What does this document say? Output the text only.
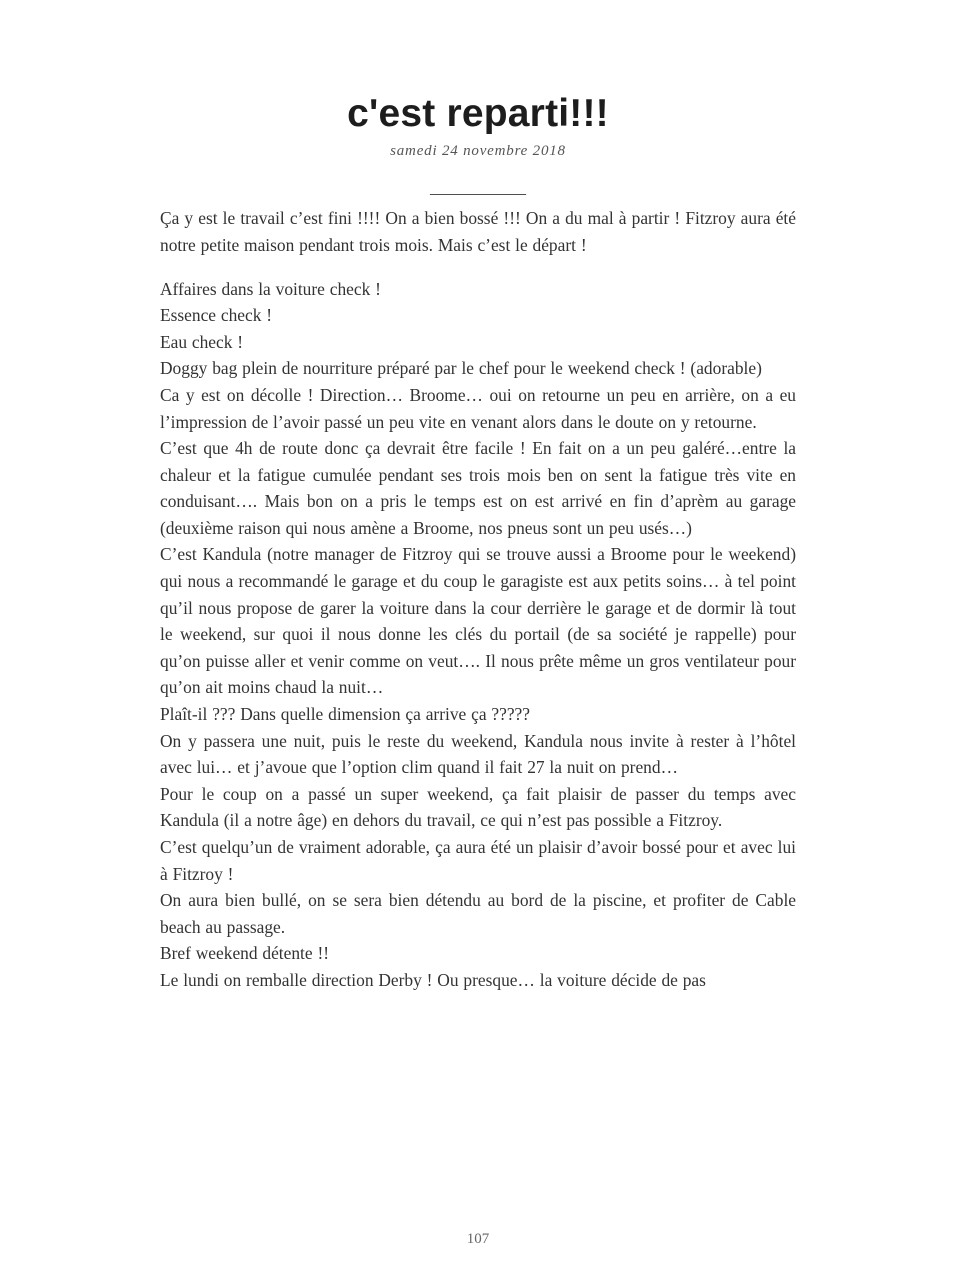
c'est reparti!!!
samedi 24 novembre 2018
____________

Ça y est le travail c’est fini !!!! On a bien bossé !!! On a du mal à partir ! Fitzroy aura été notre petite maison pendant trois mois. Mais c’est le départ !

Affaires dans la voiture check !

Essence check !

Eau check !

Doggy bag plein de nourriture préparé par le chef pour le weekend check ! (adorable)

Ca y est on décolle ! Direction… Broome… oui on retourne un peu en arrière, on a eu l’impression de l’avoir passé un peu vite en venant alors dans le doute on y retourne.

C’est que 4h de route donc ça devrait être facile ! En fait on a un peu galéré…entre la chaleur et la fatigue cumulée pendant ses trois mois ben on sent la fatigue très vite en conduisant…. Mais bon on a pris le temps est on est arrivé en fin d’aprèm au garage (deuxième raison qui nous amène a Broome, nos pneus sont un peu usés…)

C’est Kandula (notre manager de Fitzroy qui se trouve aussi a Broome pour le weekend) qui nous a recommandé le garage et du coup le garagiste est aux petits soins… à tel point qu’il nous propose de garer la voiture dans la cour derrière le garage et de dormir là tout le weekend, sur quoi il nous donne les clés du portail (de sa société je rappelle) pour qu’on puisse aller et venir comme on veut…. Il nous prête même un gros ventilateur pour qu’on ait moins chaud la nuit…

Plaît-il ??? Dans quelle dimension ça arrive ça ?????

On y passera une nuit, puis le reste du weekend, Kandula nous invite à rester à l’hôtel avec lui… et j’avoue que l’option clim quand il fait 27 la nuit on prend…

Pour le coup on a passé un super weekend, ça fait plaisir de passer du temps avec Kandula (il a notre âge) en dehors du travail, ce qui n’est pas possible a Fitzroy.

C’est quelqu’un de vraiment adorable, ça aura été un plaisir d’avoir bossé pour et avec lui à Fitzroy !

On aura bien bullé, on se sera bien détendu au bord de la piscine, et profiter de Cable beach au passage.

Bref weekend détente !!

Le lundi on remballe direction Derby ! Ou presque… la voiture décide de pas

107
